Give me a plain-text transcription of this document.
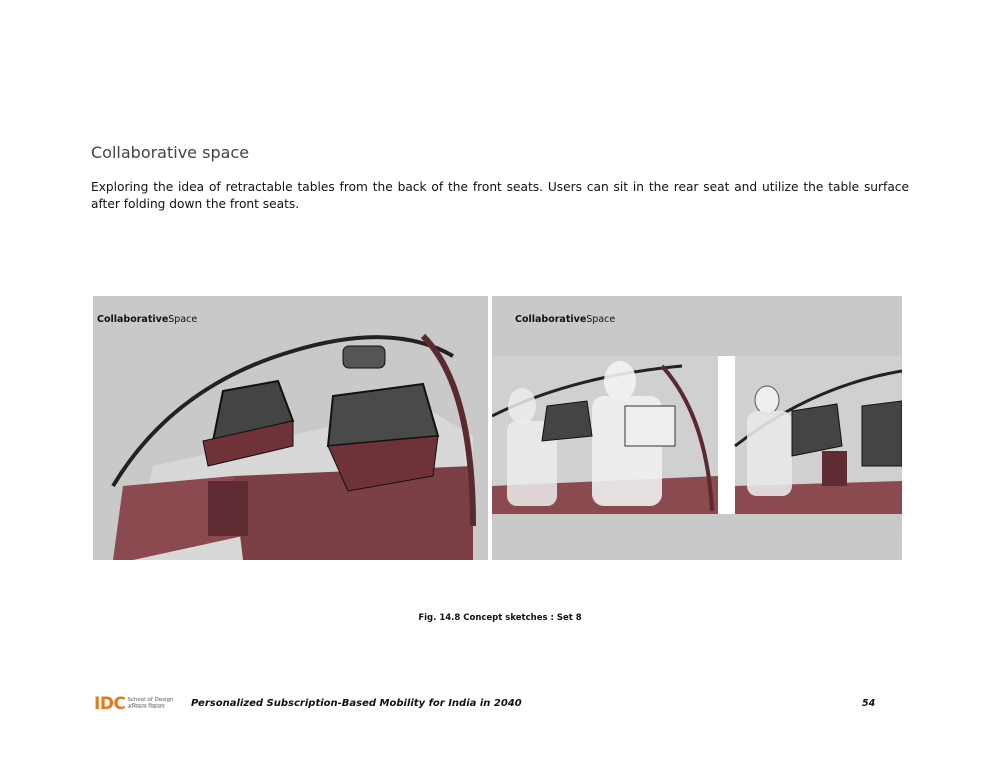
Collaborative space

Exploring the idea of retractable tables from the back of the front seats. Users can sit in the rear seat and utilize the table surface after folding down the front seats.

CollaborativeSpace	CollaborativeSpace
Fig. 14.8 Concept sketches : Set 8
IDC School of Design
अभिकल्प विद्यालय	Personalized Subscription-Based Mobility for India in 2040	54
